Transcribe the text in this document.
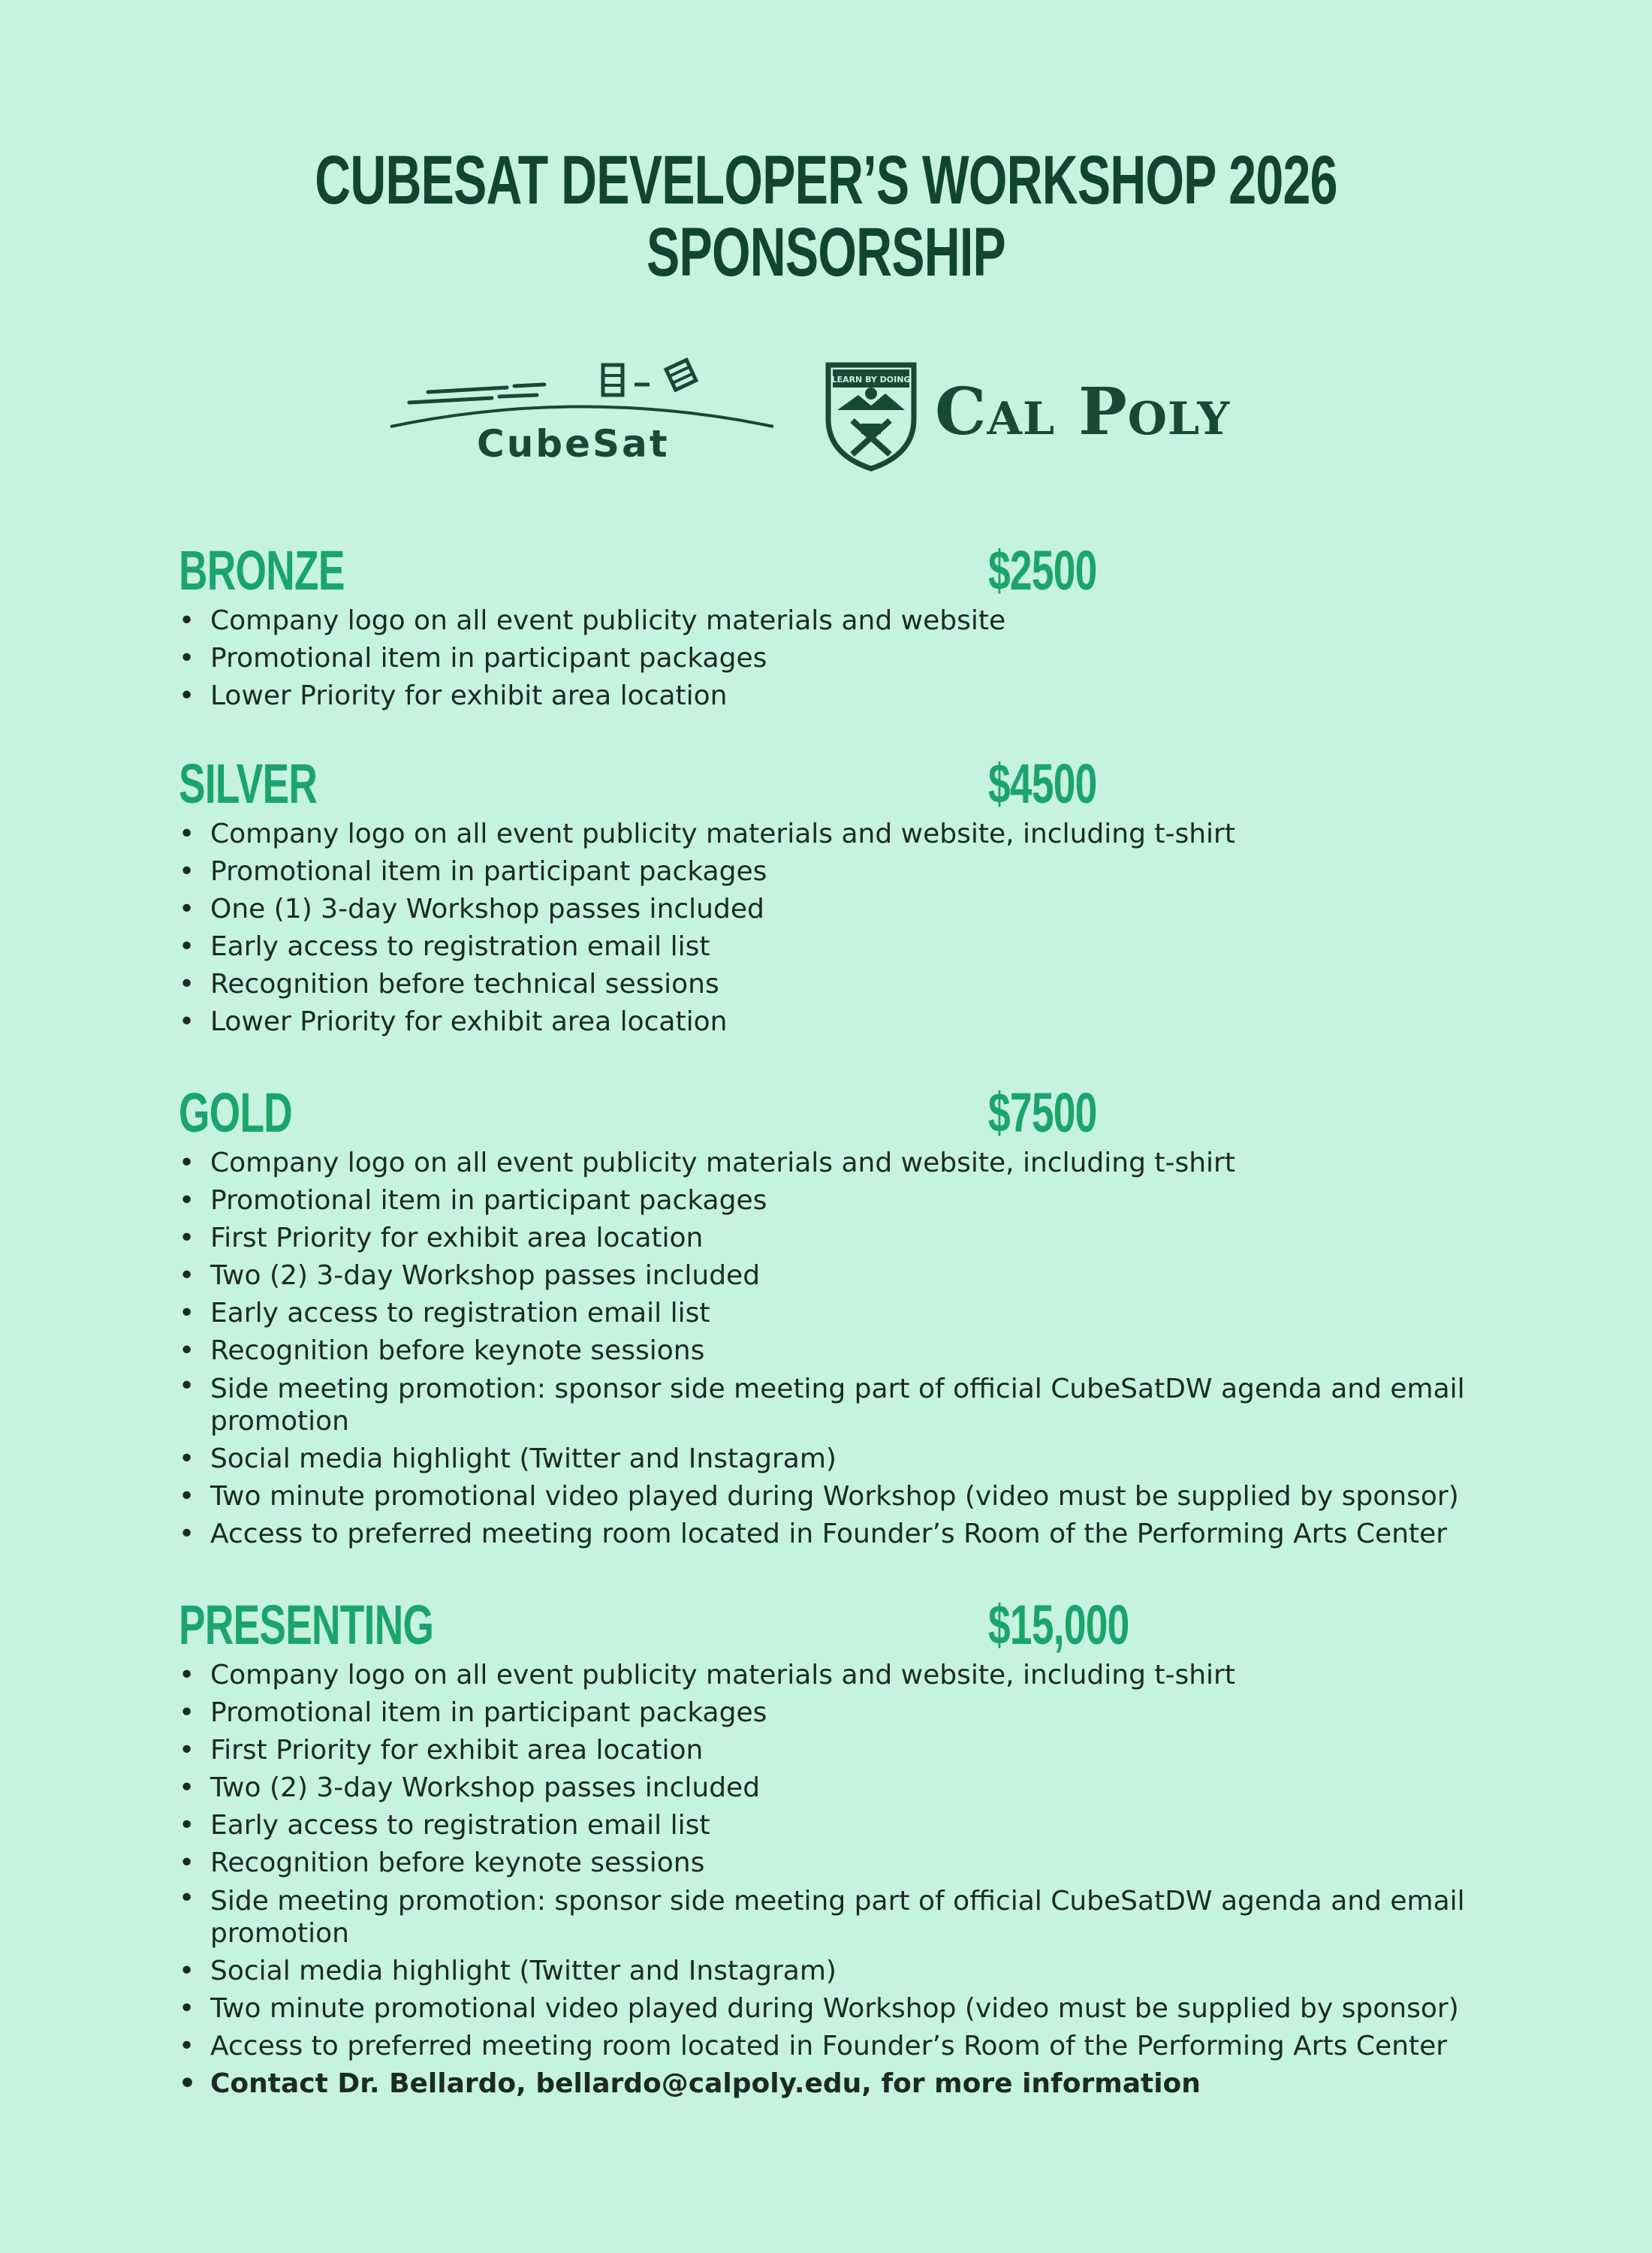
CUBESAT DEVELOPER’S WORKSHOP 2026
SPONSORSHIP
CubeSat
LEARN BY DOING Cal Poly
BRONZE	$2500
• Company logo on all event publicity materials and website
• Promotional item in participant packages
• Lower Priority for exhibit area location
SILVER	$4500
• Company logo on all event publicity materials and website, including t-shirt
• Promotional item in participant packages
• One (1) 3-day Workshop passes included
• Early access to registration email list
• Recognition before technical sessions
• Lower Priority for exhibit area location
GOLD	$7500
• Company logo on all event publicity materials and website, including t-shirt
• Promotional item in participant packages
• First Priority for exhibit area location
• Two (2) 3-day Workshop passes included
• Early access to registration email list
• Recognition before keynote sessions
• Side meeting promotion: sponsor side meeting part of official CubeSatDW agenda and email promotion
• Social media highlight (Twitter and Instagram)
• Two minute promotional video played during Workshop (video must be supplied by sponsor)
• Access to preferred meeting room located in Founder’s Room of the Performing Arts Center
PRESENTING	$15,000
• Company logo on all event publicity materials and website, including t-shirt
• Promotional item in participant packages
• First Priority for exhibit area location
• Two (2) 3-day Workshop passes included
• Early access to registration email list
• Recognition before keynote sessions
• Side meeting promotion: sponsor side meeting part of official CubeSatDW agenda and email promotion
• Social media highlight (Twitter and Instagram)
• Two minute promotional video played during Workshop (video must be supplied by sponsor)
• Access to preferred meeting room located in Founder’s Room of the Performing Arts Center
• Contact Dr. Bellardo, bellardo@calpoly.edu, for more information
